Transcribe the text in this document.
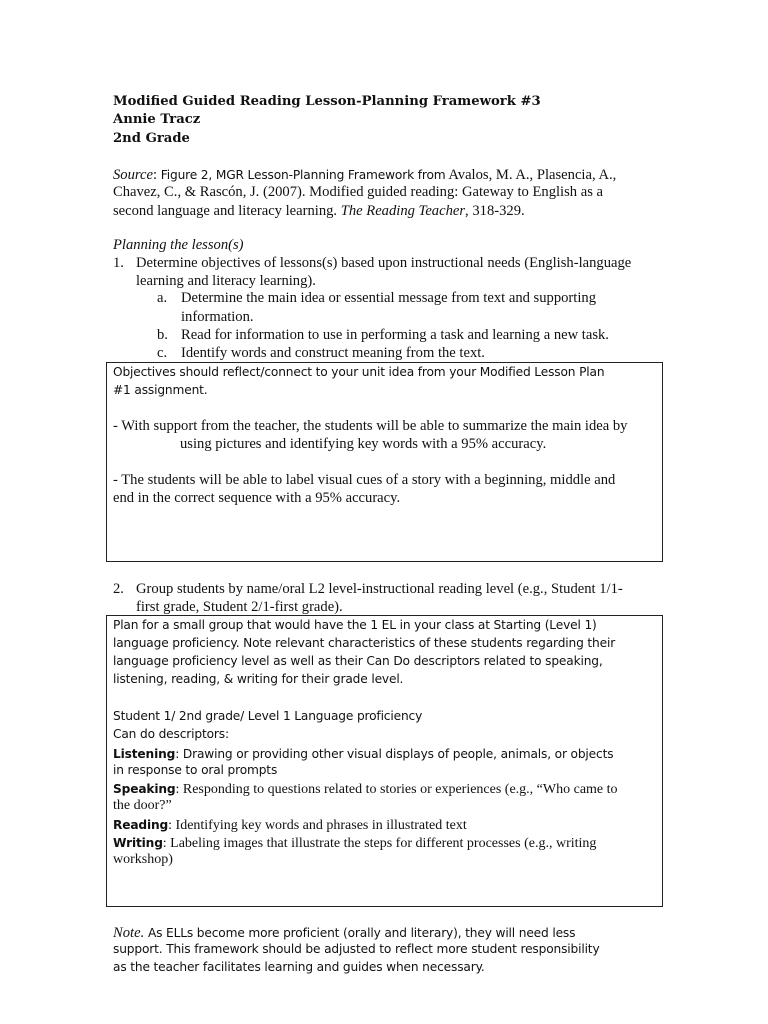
Modified Guided Reading Lesson-Planning Framework #3
Annie Tracz
2nd Grade
Source: Figure 2, MGR Lesson-Planning Framework from Avalos, M. A., Plasencia, A.,
Chavez, C., & Rascón, J. (2007). Modified guided reading: Gateway to English as a
second language and literacy learning. The Reading Teacher, 318-329.
Planning the lesson(s)
1. Determine objectives of lessons(s) based upon instructional needs (English-language
learning and literacy learning).
a. Determine the main idea or essential message from text and supporting
information.
b. Read for information to use in performing a task and learning a new task.
c. Identify words and construct meaning from the text.
Objectives should reflect/connect to your unit idea from your Modified Lesson Plan
#1 assignment.
- With support from the teacher, the students will be able to summarize the main idea by
using pictures and identifying key words with a 95% accuracy.
- The students will be able to label visual cues of a story with a beginning, middle and
end in the correct sequence with a 95% accuracy.
2. Group students by name/oral L2 level-instructional reading level (e.g., Student 1/1-
first grade, Student 2/1-first grade).
Plan for a small group that would have the 1 EL in your class at Starting (Level 1)
language proficiency. Note relevant characteristics of these students regarding their
language proficiency level as well as their Can Do descriptors related to speaking,
listening, reading, & writing for their grade level.
Student 1/ 2nd grade/ Level 1 Language proficiency
Can do descriptors:
Listening: Drawing or providing other visual displays of people, animals, or objects
in response to oral prompts
Speaking: Responding to questions related to stories or experiences (e.g., “Who came to
the door?”
Reading: Identifying key words and phrases in illustrated text
Writing: Labeling images that illustrate the steps for different processes (e.g., writing
workshop)
Note. As ELLs become more proficient (orally and literary), they will need less
support. This framework should be adjusted to reflect more student responsibility
as the teacher facilitates learning and guides when necessary.
